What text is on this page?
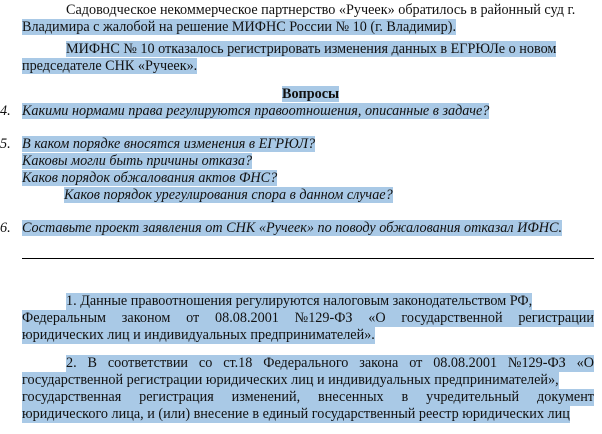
Садоводческое некоммерческое партнерство «Ручеек» обратилось в районный суд г.
Владимира с жалобой на решение МИФНС России № 10 (г. Владимир).
МИФНС № 10 отказалось регистрировать изменения данных в ЕГРЮЛе о новом
председателе СНК «Ручеек».
Вопросы
4. Какими нормами права регулируются правоотношения, описанные в задаче?
5. В каком порядке вносятся изменения в ЕГРЮЛ?
Каковы могли быть причины отказа?
Каков порядок обжалования актов ФНС?
Каков порядок урегулирования спора в данном случае?
6. Составьте проект заявления от СНК «Ручеек» по поводу обжалования отказал ИФНС.
1. Данные правоотношения регулируются налоговым законодательством РФ,
Федеральным законом от 08.08.2001 №129-ФЗ «О государственной регистрации
юридических лиц и индивидуальных предпринимателей».
2. В соответствии со ст.18 Федерального закона от 08.08.2001 №129-ФЗ «О
государственной регистрации юридических лиц и индивидуальных предпринимателей»,
государственная регистрация изменений, внесенных в учредительный документ
юридического лица, и (или) внесение в единый государственный реестр юридических лиц
